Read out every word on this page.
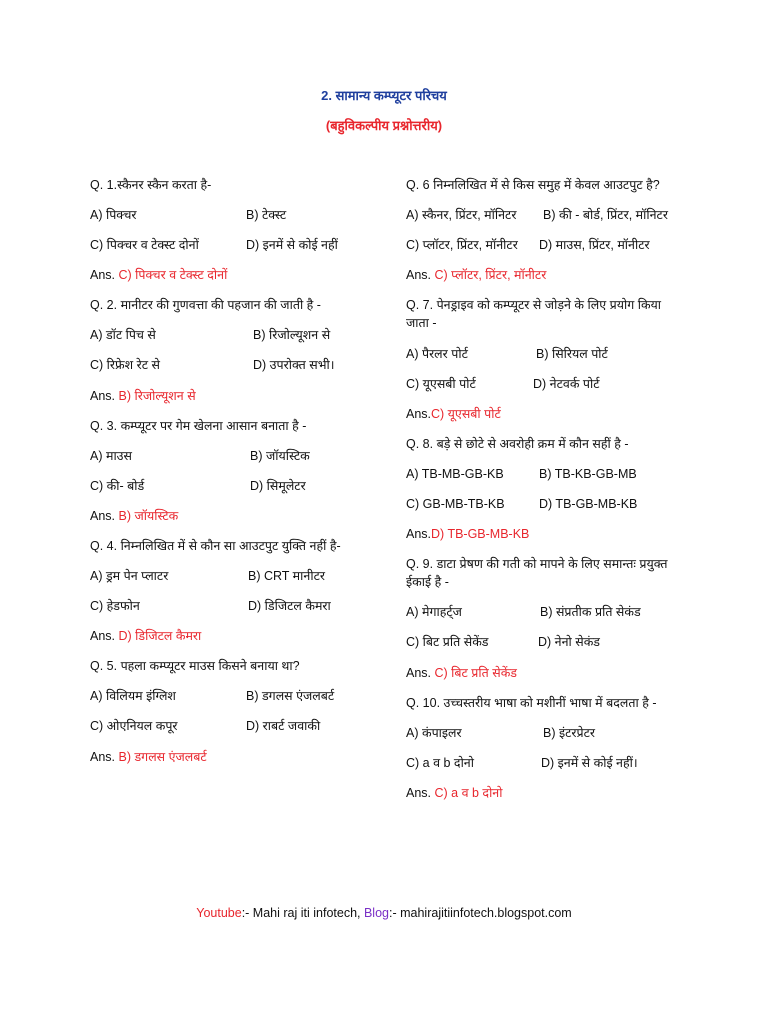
2. सामान्य कम्प्यूटर परिचय
(बहुविकल्पीय प्रश्नोत्तरीय)
Q. 1.स्कैनर स्कैन करता है-
A) पिक्चर	B) टेक्स्ट
C) पिक्चर व टेक्स्ट दोनों	D) इनमें से कोई नहीं
Ans. C) पिक्चर व टेक्स्ट दोनों
Q. 2. मानीटर की गुणवत्ता की पहजान की जाती है -
A) डॉट पिच से	B) रिजोल्यूशन से
C) रिफ्रेश रेट से	D) उपरोक्त सभी।
Ans. B) रिजोल्यूशन से
Q. 3. कम्प्यूटर पर गेम खेलना आसान बनाता है -
A) माउस	B) जॉयस्टिक
C) की- बोर्ड	D) सिमूलेटर
Ans. B) जॉयस्टिक
Q. 4. निम्नलिखित में से कौन सा आउटपुट युक्ति नहीं है-
A) ड्रम पेन प्लाटर	B) CRT मानीटर
C) हेडफोन	D) डिजिटल कैमरा
Ans. D) डिजिटल कैमरा
Q. 5. पहला कम्प्यूटर माउस किसने बनाया था?
A) विलियम इंग्लिश	B) डगलस एंजलबर्ट
C) ओएनियल कपूर	D) राबर्ट जवाकी
Ans. B) डगलस एंजलबर्ट
Q. 6 निम्नलिखित में से किस समुह में केवल आउटपुट है?
A) स्कैनर, प्रिंटर, मॉनिटर B) की - बोर्ड, प्रिंटर, मॉनिटर
C) प्लॉटर, प्रिंटर, मॉनीटर D) माउस, प्रिंटर, मॉनीटर
Ans. C) प्लॉटर, प्रिंटर, मॉनीटर
Q. 7. पेनड्राइव को कम्प्यूटर से जोड़ने के लिए प्रयोग किया जाता -
A) पैरलर पोर्ट	B) सिरियल पोर्ट
C) यूएसबी पोर्ट	D) नेटवर्क पोर्ट
Ans.C) यूएसबी पोर्ट
Q. 8. बड़े से छोटे से अवरोही क्रम में कौन सहीं है -
A) TB-MB-GB-KB	B) TB-KB-GB-MB
C) GB-MB-TB-KB	D) TB-GB-MB-KB
Ans.D) TB-GB-MB-KB
Q. 9. डाटा प्रेषण की गती को मापने के लिए समान्तः प्रयुक्त ईकाई है -
A) मेगाहर्ट्ज	B) संप्रतीक प्रति सेकंड
C) बिट प्रति सेकेंड	D) नेनो सेकंड
Ans. C) बिट प्रति सेकेंड
Q. 10. उच्चस्तरीय भाषा को मशीनीं भाषा में बदलता है -
A) कंपाइलर	B) इंटरप्रेटर
C) a व b दोनो	D) इनमें से कोई नहीं।
Ans. C) a व b दोनो
Youtube:- Mahi raj iti infotech, Blog:- mahirajitiinfotech.blogspot.com
